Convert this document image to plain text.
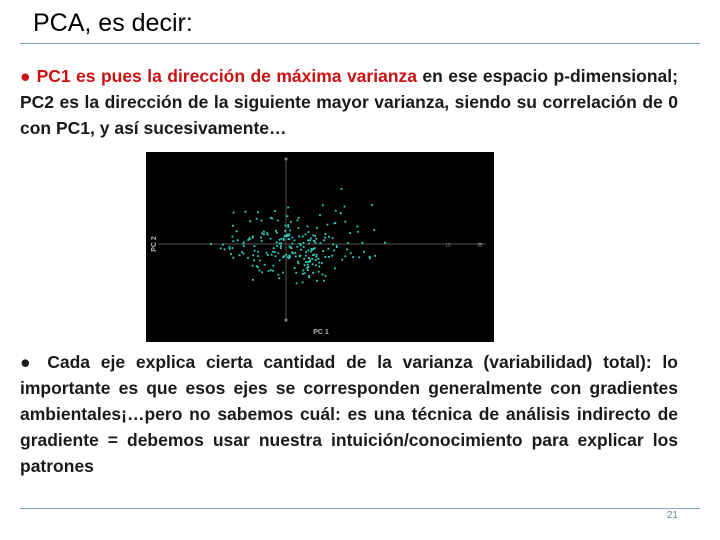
PCA, es decir:
● PC1 es pues la dirección de máxima varianza en ese espacio p-dimensional; PC2 es la dirección de la siguiente mayor varianza, siendo su correlación de 0 con PC1, y así sucesivamente…
10	12
PC 1
PC 2
● Cada eje explica cierta cantidad de la varianza (variabilidad) total): lo importante es que esos ejes se corresponden generalmente con gradientes ambientales¡…pero no sabemos cuál: es una técnica de análisis indirecto de gradiente = debemos usar nuestra intuición/conocimiento para explicar los patrones
21
